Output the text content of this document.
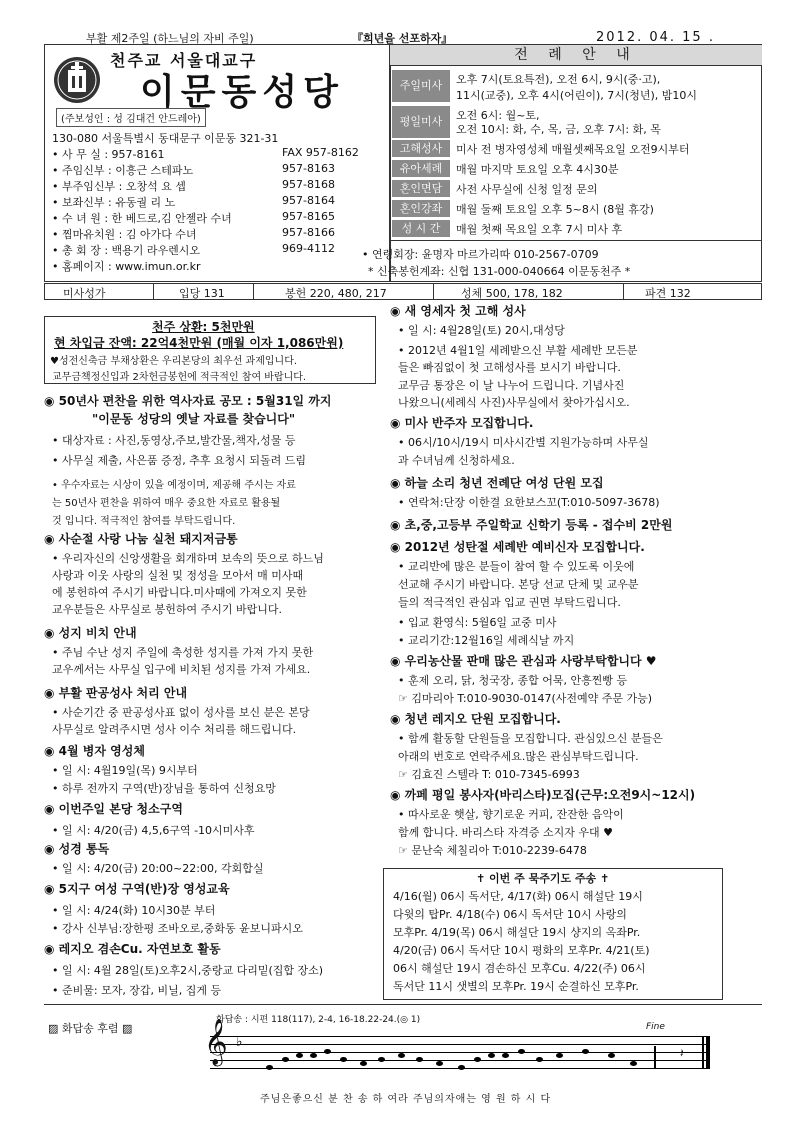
부활 제2주일 (하느님의 자비 주일)	『희년을 선포하자』	2012. 04. 15 .
천주교 서울대교구
이문동성당
(주보성인 : 성 김대건 안드레아)
130-080 서울특별시 동대문구 이문동 321-31
• 사 무 실 : 957-8161	FAX 957-8162
• 주임신부 : 이흥근 스테파노	957-8163
• 부주임신부 : 오창석 요 셉	957-8168
• 보좌신부 : 유동궐 리 노	957-8164
• 수 녀 원 : 한 베드로,김 안젤라 수녀	957-8165
• 찜마유치원 : 김 아가다 수녀	957-8166
• 총 회 장 : 백용기 라우렌시오	969-4112
• 홈페이지 : www.imun.or.kr
전 례 안 내
주일미사	오후 7시(토요특전), 오전 6시, 9시(중·고),
11시(교중), 오후 4시(어린이), 7시(청년), 밤10시
평일미사	오전 6시: 월~토,
오전 10시: 화, 수, 목, 금, 오후 7시: 화, 목
고해성사	미사 전 병자영성체 매월셋째목요일 오전9시부터
유아세례	매월 마지막 토요일 오후 4시30분
혼인면담	사전 사무실에 신청 일정 문의
혼인강좌	매월 둘째 토요일 오후 5~8시 (8월 휴강)
성 시 간	매월 첫째 목요일 오후 7시 미사 후
• 연령회장: 윤명자 마르가리따 010-2567-0709
* 신축봉헌계좌: 신협 131-000-040664 이문동천주 *
미사성가	입당 131	봉헌 220, 480, 217	성체 500, 178, 182	파견 132
천주 상환: 5천만원
현 차입금 잔액: 22억4천만원 (매월 이자 1,086만원)
♥성전신축금 부채상환은 우리본당의 최우선 과제입니다.
교무금책정신입과 2차헌금봉헌에 적극적인 참여 바랍니다.
◉ 50년사 편찬을 위한 역사자료 공모 : 5월31일 까지
"이문동 성당의 옛날 자료를 찾습니다"
• 대상자료 : 사진,동영상,주보,발간물,책자,성물 등
• 사무실 제출, 사은품 증정, 추후 요청시 되돌려 드림
• 우수자료는 시상이 있을 예정이며, 제공해 주시는 자료
는 50년사 편찬을 위하여 매우 중요한 자료로 활용될
것 입니다. 적극적인 참여를 부탁드립니다.
◉ 사순절 사랑 나눔 실천 돼지저금통
• 우리자신의 신앙생활을 회개하며 보속의 뜻으로 하느님
사랑과 이웃 사랑의 실천 및 정성을 모아서 매 미사때
에 봉헌하여 주시기 바랍니다.미사때에 가져오지 못한
교우분들은 사무실로 봉헌하여 주시기 바랍니다.
◉ 성지 비치 안내
• 주님 수난 성지 주일에 축성한 성지를 가져 가지 못한
교우께서는 사무실 입구에 비치된 성지를 가져 가세요.
◉ 부활 판공성사 처리 안내
• 사순기간 중 판공성사표 없이 성사를 보신 분은 본당
사무실로 알려주시면 성사 이수 처리를 해드립니다.
◉ 4월 병자 영성체
• 일 시: 4월19일(목) 9시부터
• 하루 전까지 구역(반)장님을 통하여 신청요망
◉ 이번주일 본당 청소구역
• 일 시: 4/20(금) 4,5,6구역 -10시미사후
◉ 성경 통독
• 일 시: 4/20(금) 20:00~22:00, 각회합실
◉ 5지구 여성 구역(반)장 영성교육
• 일 시: 4/24(화) 10시30분 부터
• 강사 신부님:장한평 조바오로,중화동 윤보니파시오
◉ 레지오 겸손Cu. 자연보호 활동
• 일 시: 4월 28일(토)오후2시,중랑교 다리밑(집합 장소)
• 준비물: 모자, 장갑, 비닐, 집게 등
◉ 새 영세자 첫 고해 성사
• 일 시: 4월28일(토) 20시,대성당
• 2012년 4월1일 세례받으신 부활 세례반 모든분
들은 빠짐없이 첫 고해성사를 보시기 바랍니다.
교무금 통장은 이 날 나누어 드립니다. 기념사진
나왔으니(세례식 사진)사무실에서 찾아가십시오.
◉ 미사 반주자 모집합니다.
• 06시/10시/19시 미사시간별 지원가능하며 사무실
과 수녀님께 신청하세요.
◉ 하늘 소리 청년 전례단 여성 단원 모집
• 연락처:단장 이한결 요한보스꼬(T:010-5097-3678)
◉ 초,중,고등부 주일학교 신학기 등록 - 접수비 2만원
◉ 2012년 성탄절 세례반 예비신자 모집합니다.
• 교리반에 많은 분들이 참여 할 수 있도록 이웃에
선교해 주시기 바랍니다. 본당 선교 단체 및 교우분
들의 적극적인 관심과 입교 권면 부탁드립니다.
• 입교 환영식: 5월6일 교중 미사
• 교리기간:12월16일 세례식날 까지
◉ 우리농산물 판매 많은 관심과 사랑부탁합니다 ♥
• 훈제 오리, 닭, 청국장, 종합 어묵, 안흥찐빵 등
☞ 김마리아 T:010-9030-0147(사전예약 주문 가능)
◉ 청년 레지오 단원 모집합니다.
• 함께 활동할 단원들을 모집합니다. 관심있으신 분들은
아래의 번호로 연락주세요.많은 관심부탁드립니다.
☞ 김효진 스텔라 T: 010-7345-6993
◉ 까페 평일 봉사자(바리스타)모집(근무:오전9시~12시)
• 따사로운 햇살, 향기로운 커피, 잔잔한 음악이
함께 합니다. 바리스타 자격증 소지자 우대 ♥
☞ 문난숙 체칠리아 T:010-2239-6478
✝ 이번 주 묵주기도 주송 ✝
4/16(월) 06시 독서단, 4/17(화) 06시 해설단 19시
다윗의 탑Pr. 4/18(수) 06시 독서단 10시 사랑의
모후Pr. 4/19(목) 06시 해설단 19시 샹지의 옥좌Pr.
4/20(금) 06시 독서단 10시 평화의 모후Pr. 4/21(토)
06시 해설단 19시 겸손하신 모후Cu. 4/22(주) 06시
독서단 11시 샛별의 모후Pr. 19시 순결하신 모후Pr.
▨ 화답송 후렴 ▨
화답송 : 시편 118(117), 2-4, 16-18.22-24.(◎ 1)
Fine
𝄞 ♭
𝄽
주님은좋으신 분 찬 송 하 여라 주님의자애는 영 원 하 시 다
